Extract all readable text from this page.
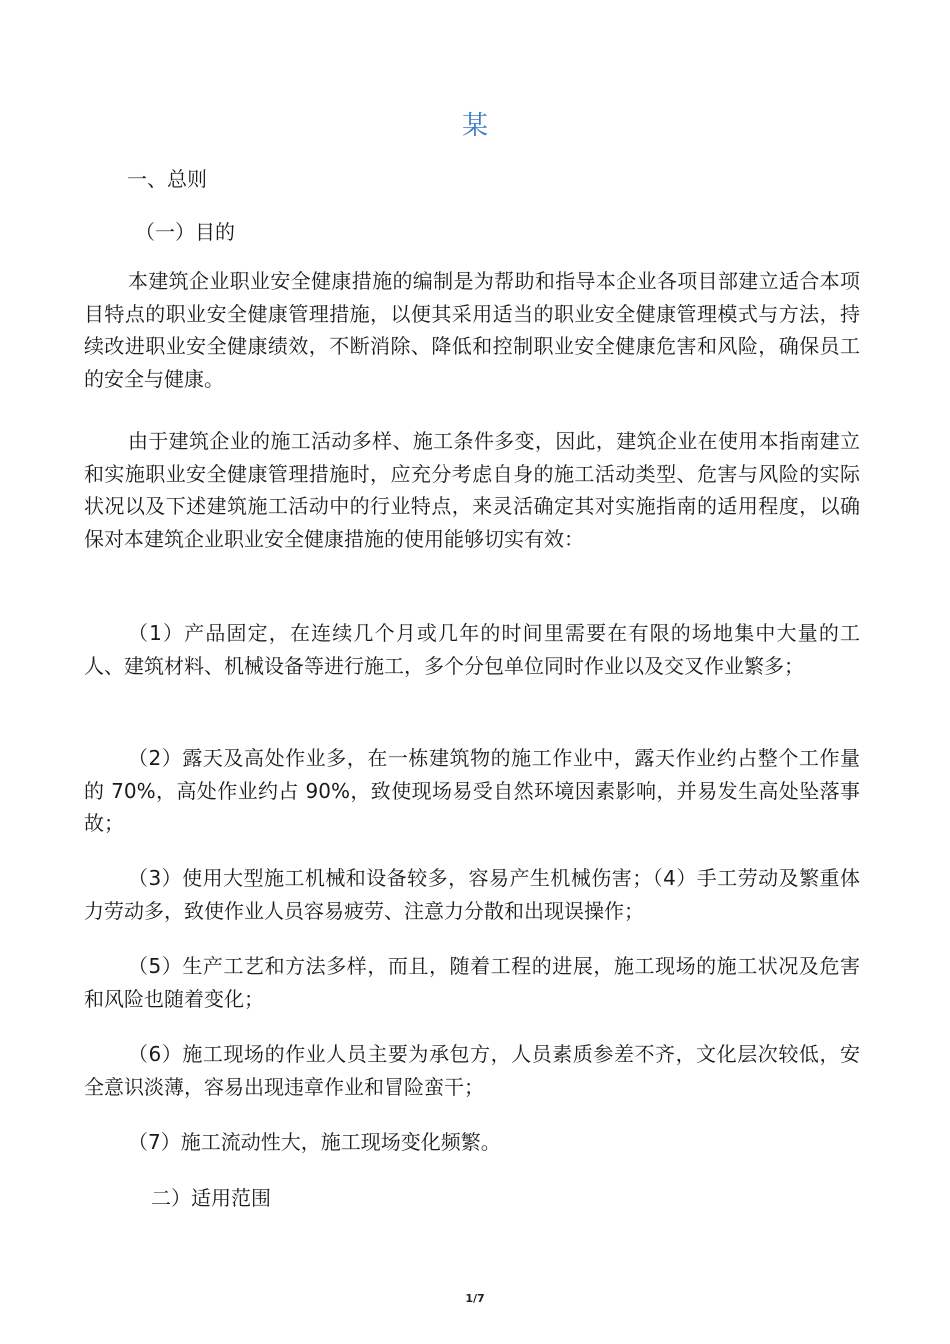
某

一、总则

（一）目的

本建筑企业职业安全健康措施的编制是为帮助和指导本企业各项目部建立适合本项目特点的职业安全健康管理措施，以便其采用适当的职业安全健康管理模式与方法，持续改进职业安全健康绩效，不断消除、降低和控制职业安全健康危害和风险，确保员工的安全与健康。

由于建筑企业的施工活动多样、施工条件多变，因此，建筑企业在使用本指南建立和实施职业安全健康管理措施时，应充分考虑自身的施工活动类型、危害与风险的实际状况以及下述建筑施工活动中的行业特点，来灵活确定其对实施指南的适用程度，以确保对本建筑企业职业安全健康措施的使用能够切实有效：

（1）产品固定，在连续几个月或几年的时间里需要在有限的场地集中大量的工人、建筑材料、机械设备等进行施工，多个分包单位同时作业以及交叉作业繁多；

（2）露天及高处作业多，在一栋建筑物的施工作业中，露天作业约占整个工作量的 70%，高处作业约占 90%，致使现场易受自然环境因素影响，并易发生高处坠落事故；

（3）使用大型施工机械和设备较多，容易产生机械伤害；（4）手工劳动及繁重体力劳动多，致使作业人员容易疲劳、注意力分散和出现误操作；

（5）生产工艺和方法多样，而且，随着工程的进展，施工现场的施工状况及危害和风险也随着变化；

（6）施工现场的作业人员主要为承包方，人员素质参差不齐，文化层次较低，安全意识淡薄，容易出现违章作业和冒险蛮干；

（7）施工流动性大，施工现场变化频繁。

二）适用范围

1/7
